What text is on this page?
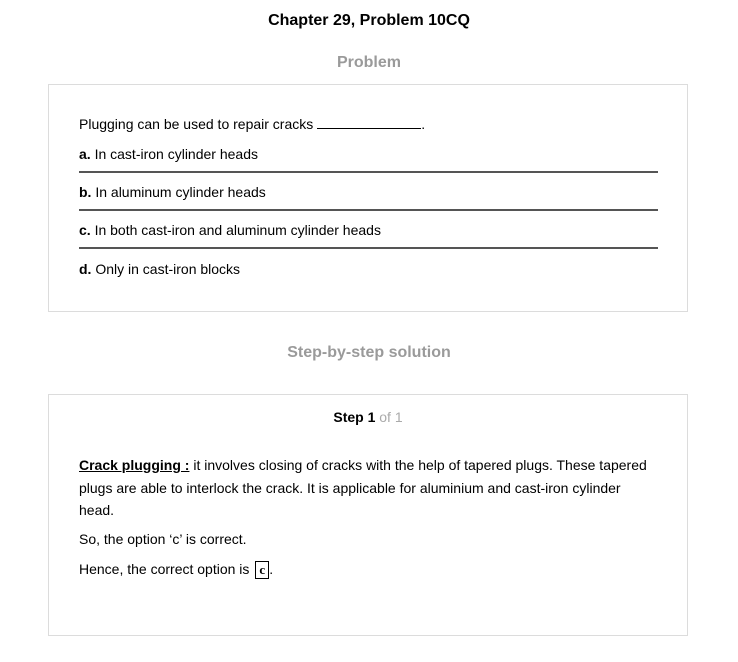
Chapter 29, Problem 10CQ
Problem
Plugging can be used to repair cracks	.
a. In cast-iron cylinder heads
b. In aluminum cylinder heads
c. In both cast-iron and aluminum cylinder heads
d. Only in cast-iron blocks
Step-by-step solution
Step 1 of 1
Crack plugging : it involves closing of cracks with the help of tapered plugs. These tapered plugs are able to interlock the crack. It is applicable for aluminium and cast-iron cylinder head.
So, the option ‘c’ is correct.
Hence, the correct option is c .
